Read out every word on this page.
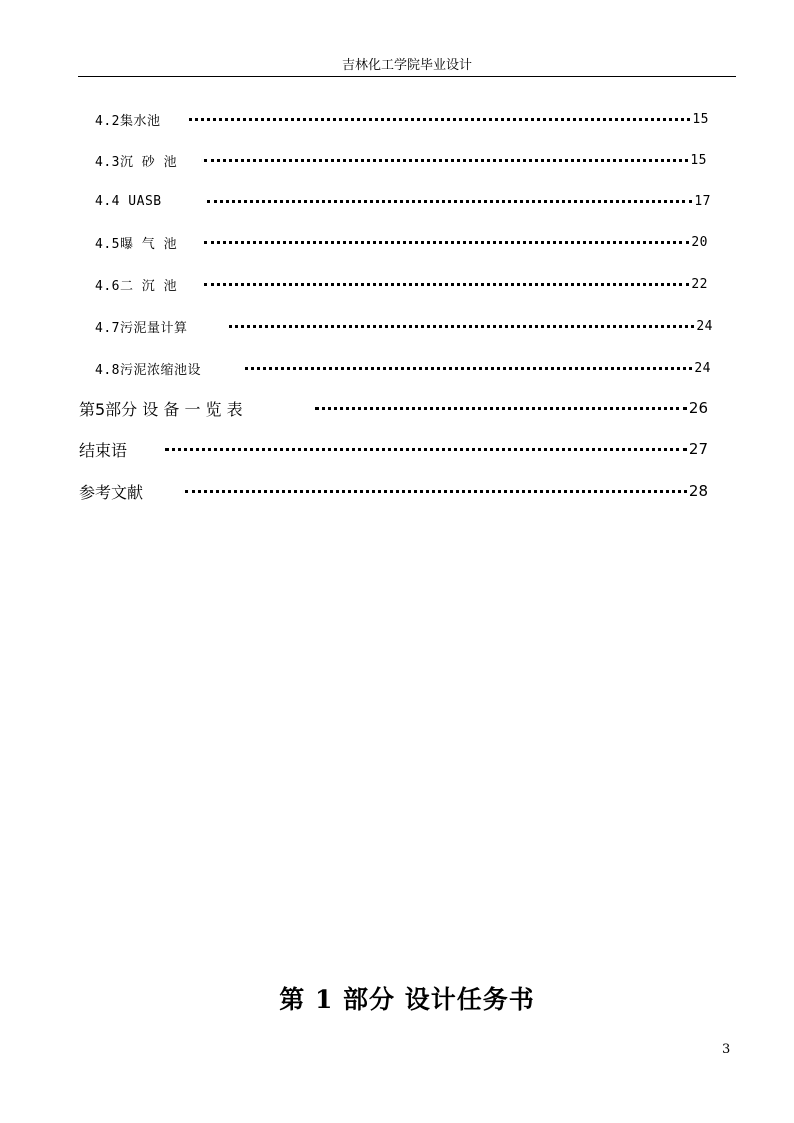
吉林化工学院毕业设计
4.2集水池	15
4.3沉 砂 池	15
4.4 UASB	17
4.5曝 气 池	20
4.6二 沉 池	22
4.7污泥量计算	24
4.8污泥浓缩池设	24
第5部分 设 备 一 览 表	26
结束语	27
参考文献	28
第 1 部分 设计任务书
3
